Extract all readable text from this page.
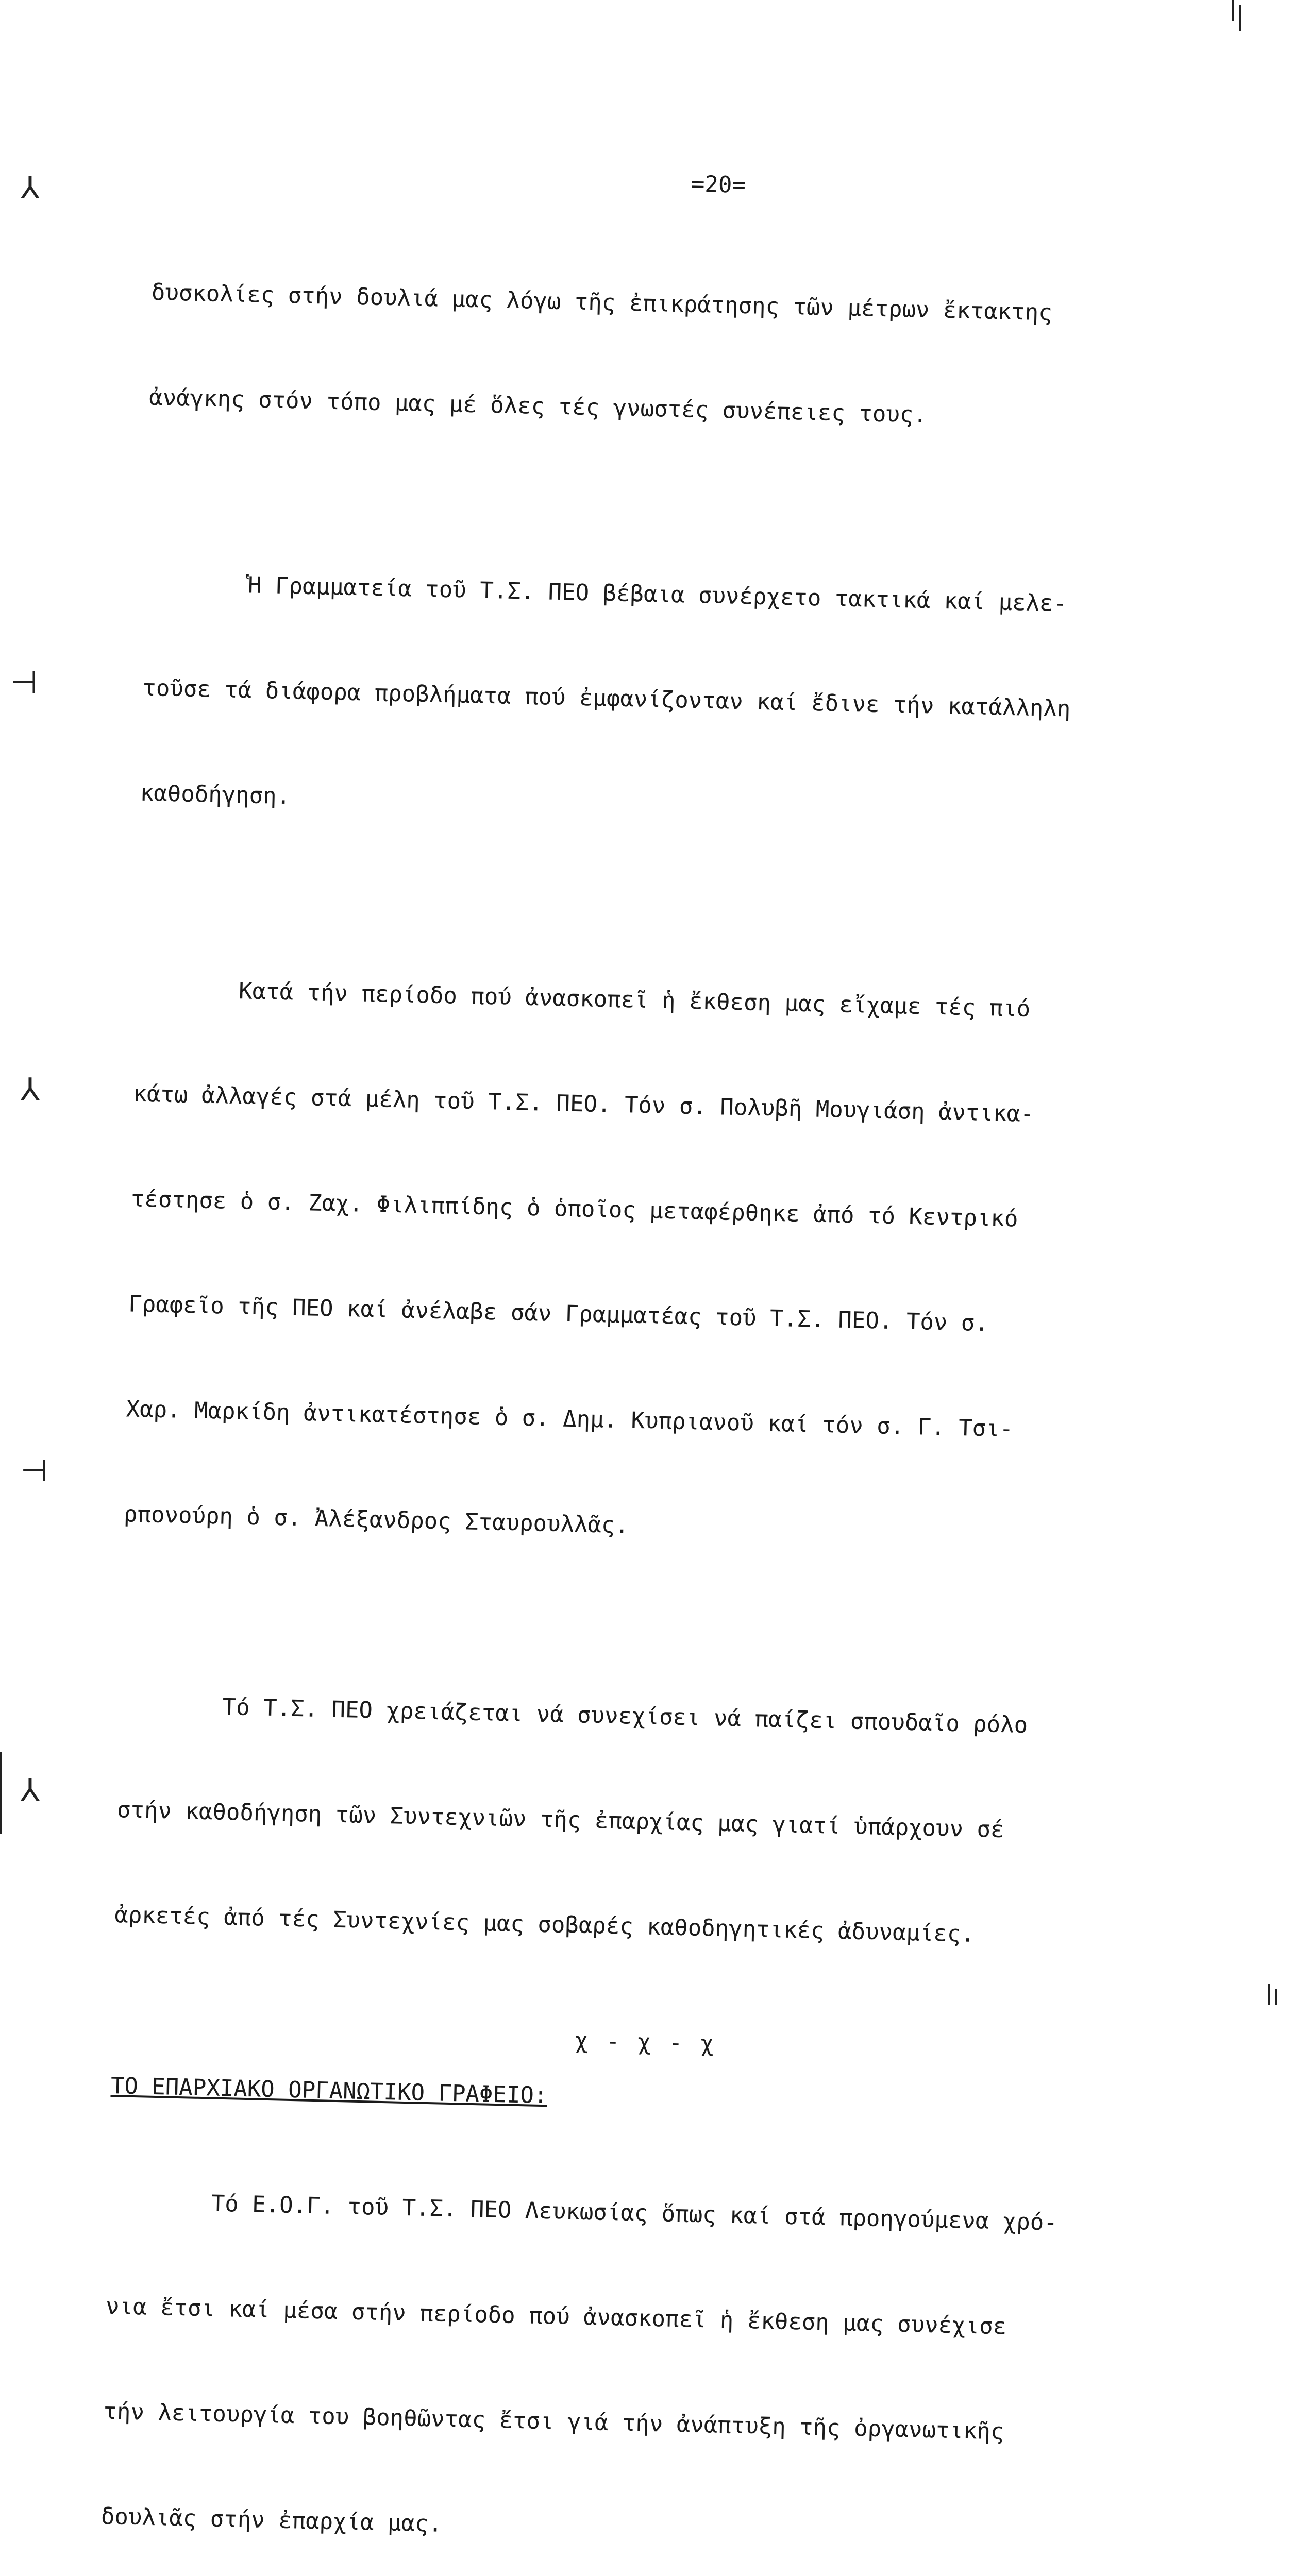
⅄
⊣
⅄
⊣
⅄
=20=

δυσκολίες στήν δουλιά μας λόγω τῆς ἐπικράτησης τῶν μέτρων ἔκτακτης

ἀνάγκης στόν τόπο μας μέ ὅλες τές γνωστές συνέπειες τους.

Ἡ Γραμματεία τοῦ Τ.Σ. ΠΕΟ βέβαια συνέρχετο τακτικά καί μελε-

τοῦσε τά διάφορα προβλήματα πού ἐμφανίζονταν καί ἔδινε τήν κατάλληλη

καθοδήγηση.

Κατά τήν περίοδο πού ἀνασκοπεῖ ἡ ἔκθεση μας εἴχαμε τές πιό

κάτω ἀλλαγές στά μέλη τοῦ Τ.Σ. ΠΕΟ. Τόν σ. Πολυβῆ Μουγιάση ἀντικα-

τέστησε ὁ σ. Ζαχ. Φιλιππίδης ὁ ὁποῖος μεταφέρθηκε ἀπό τό Κεντρικό

Γραφεῖο τῆς ΠΕΟ καί ἀνέλαβε σάν Γραμματέας τοῦ Τ.Σ. ΠΕΟ. Τόν σ.

Χαρ. Μαρκίδη ἀντικατέστησε ὁ σ. Δημ. Κυπριανοῦ καί τόν σ. Γ. Τσι-

ρπονούρη ὁ σ. Ἀλέξανδρος Σταυρουλλᾶς.

Τό Τ.Σ. ΠΕΟ χρειάζεται νά συνεχίσει νά παίζει σπουδαῖο ρόλο

στήν καθοδήγηση τῶν Συντεχνιῶν τῆς ἐπαρχίας μας γιατί ὑπάρχουν σέ

ἀρκετές ἀπό τές Συντεχνίες μας σοβαρές καθοδηγητικές ἀδυναμίες.

χ - χ - χ
ΤΟ ΕΠΑΡΧΙΑΚΟ ΟΡΓΑΝΩΤΙΚΟ ΓΡΑΦΕΙΟ:

Τό Ε.Ο.Γ. τοῦ Τ.Σ. ΠΕΟ Λευκωσίας ὅπως καί στά προηγούμενα χρό-

νια ἔτσι καί μέσα στήν περίοδο πού ἀνασκοπεῖ ἡ ἔκθεση μας συνέχισε

τήν λειτουργία του βοηθῶντας ἔτσι γιά τήν ἀνάπτυξη τῆς ὀργανωτικῆς

δουλιᾶς στήν ἐπαρχία μας.
